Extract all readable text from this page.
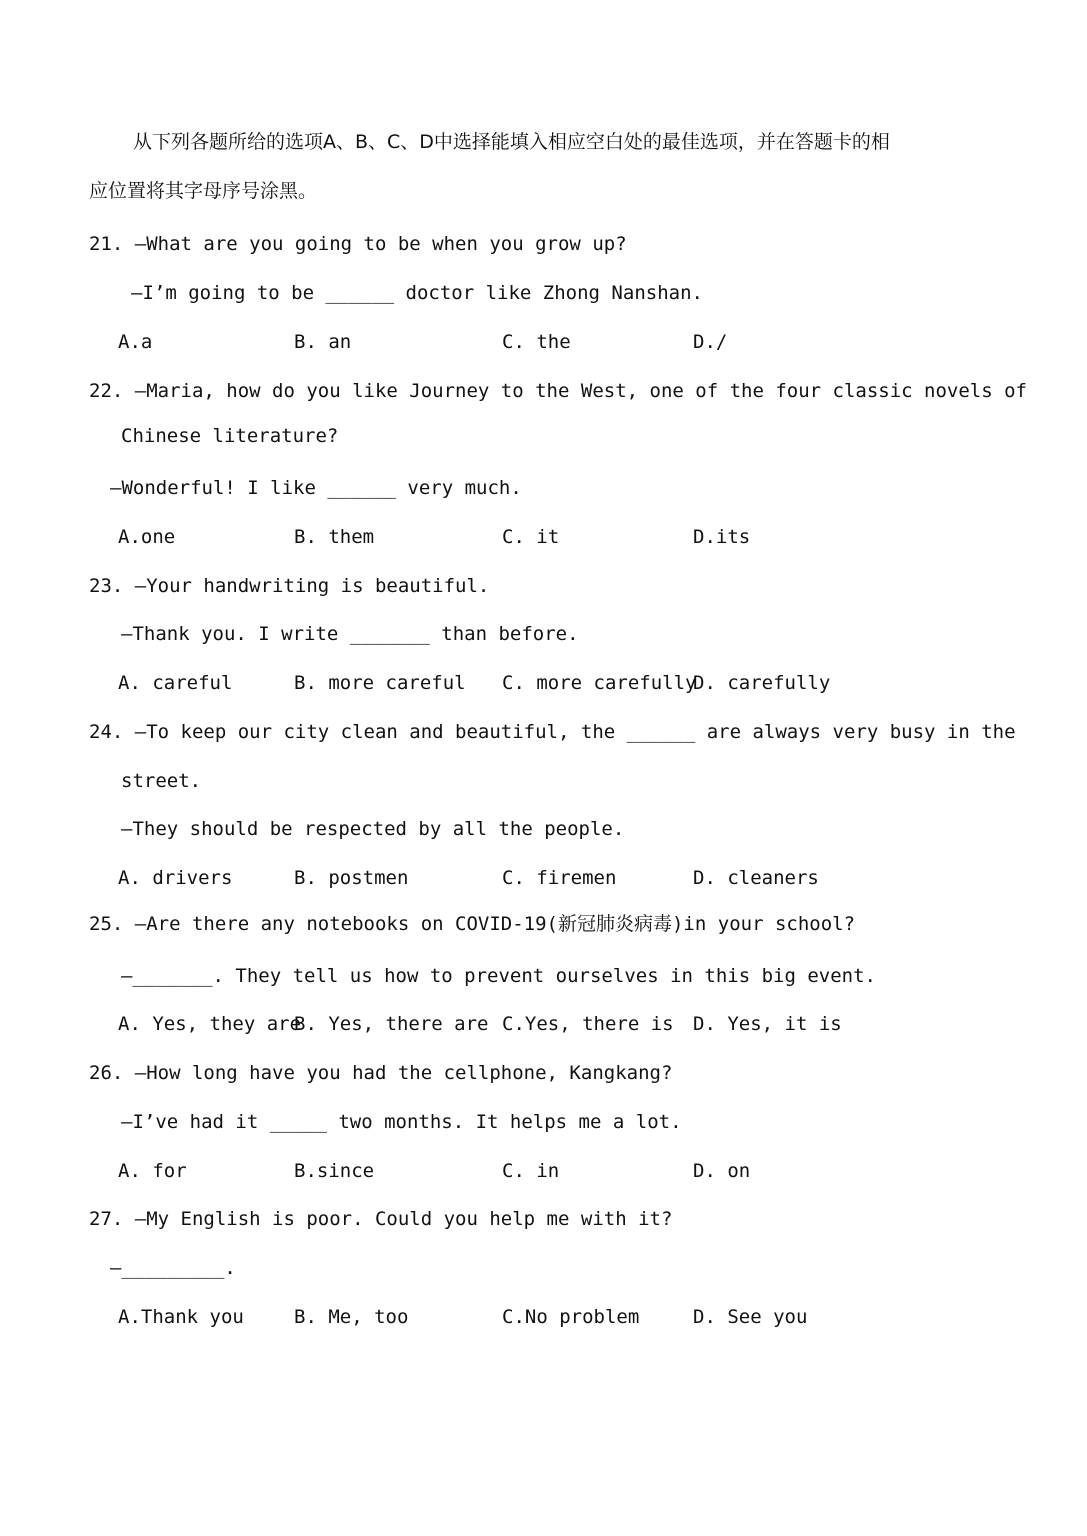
从下列各题所给的选项A、B、C、D中选择能填入相应空白处的最佳选项，并在答题卡的相
应位置将其字母序号涂黑。
21. —What are you going to be when you grow up?
—I’m going to be ______ doctor like Zhong Nanshan.
A.a	B. an	C. the	D./
22. —Maria, how do you like Journey to the West, one of the four classic novels of
Chinese literature?
—Wonderful! I like ______ very much.
A.one	B. them	C. it	D.its
23. —Your handwriting is beautiful.
—Thank you. I write _______ than before.
A. careful	B. more careful C. more carefully
D. carefully
24. —To keep our city clean and beautiful, the ______ are always very busy in the
street.
—They should be respected by all the people.
A. drivers	B. postmen	C. firemen	D. cleaners
25. —Are there any notebooks on COVID-19(新冠肺炎病毒)in your school?
—_______. They tell us how to prevent ourselves in this big event.
A. Yes, they are
B. Yes, there are C.Yes, there is D. Yes, it is
26. —How long have you had the cellphone, Kangkang?
—I’ve had it _____ two months. It helps me a lot.
A. for	B.since	C. in	D. on
27. —My English is poor. Could you help me with it?
—_________.
A.Thank you	B. Me, too	C.No problem	D. See you
